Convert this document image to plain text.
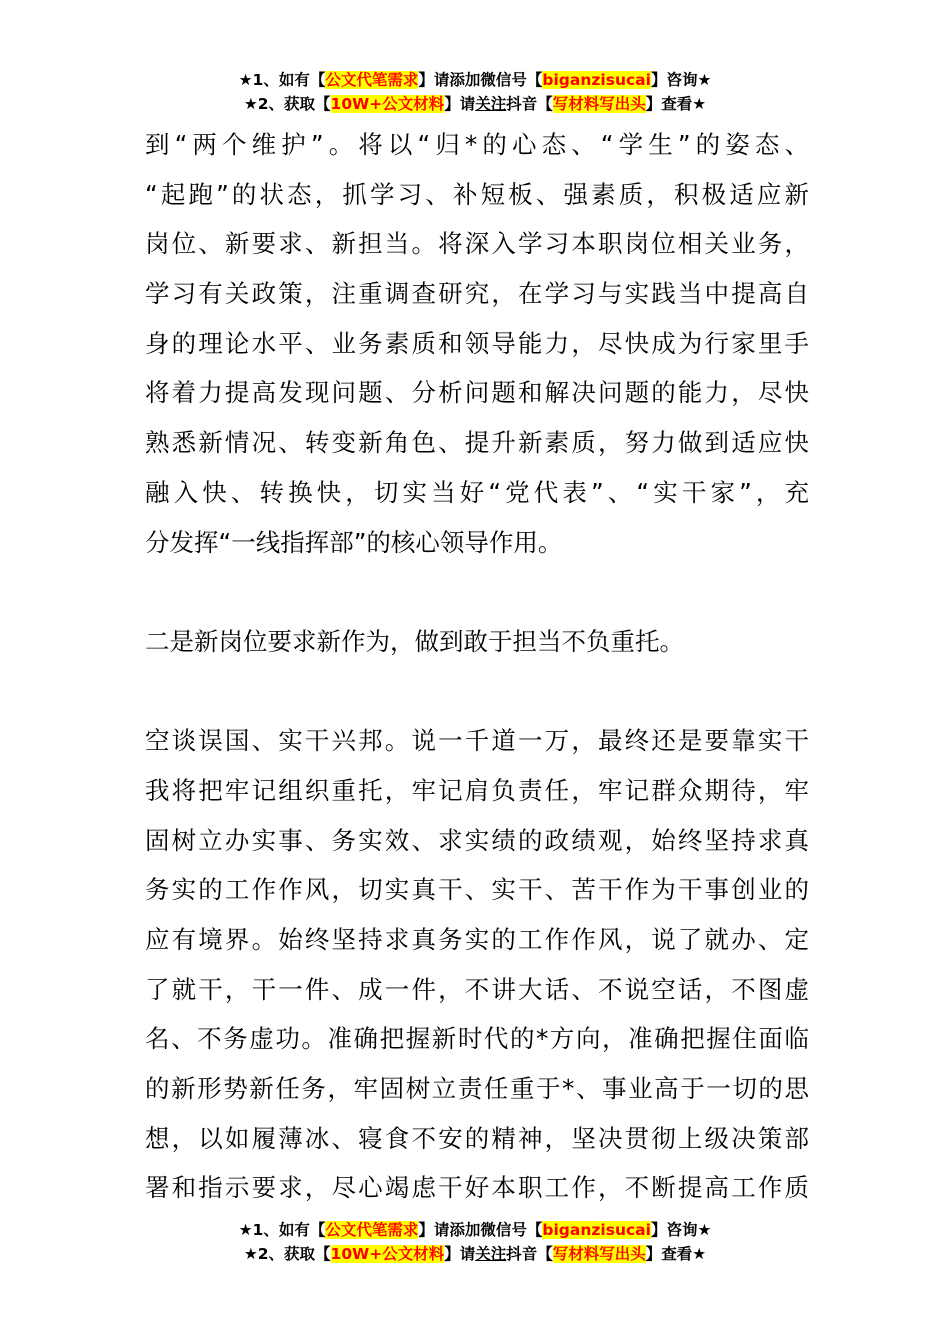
★1、如有【公文代笔需求】请添加微信号【biganzisucai】咨询★
★2、获取【10W+公文材料】请关注抖音【写材料写出头】查看★
到“两个维护”。将以“归*的心态、“学生”的姿态、
“起跑”的状态，抓学习、补短板、强素质，积极适应新
岗位、新要求、新担当。将深入学习本职岗位相关业务，
学习有关政策，注重调查研究，在学习与实践当中提高自
身的理论水平、业务素质和领导能力，尽快成为行家里手
将着力提高发现问题、分析问题和解决问题的能力，尽快
熟悉新情况、转变新角色、提升新素质，努力做到适应快
融入快、转换快，切实当好“党代表”、“实干家”，充
分发挥“一线指挥部”的核心领导作用。
二是新岗位要求新作为，做到敢于担当不负重托。
空谈误国、实干兴邦。说一千道一万，最终还是要靠实干
我将把牢记组织重托，牢记肩负责任，牢记群众期待，牢
固树立办实事、务实效、求实绩的政绩观，始终坚持求真
务实的工作作风，切实真干、实干、苦干作为干事创业的
应有境界。始终坚持求真务实的工作作风，说了就办、定
了就干，干一件、成一件，不讲大话、不说空话，不图虚
名、不务虚功。准确把握新时代的*方向，准确把握住面临
的新形势新任务，牢固树立责任重于*、事业高于一切的思
想，以如履薄冰、寝食不安的精神，坚决贯彻上级决策部
署和指示要求，尽心竭虑干好本职工作，不断提高工作质
★1、如有【公文代笔需求】请添加微信号【biganzisucai】咨询★
★2、获取【10W+公文材料】请关注抖音【写材料写出头】查看★
